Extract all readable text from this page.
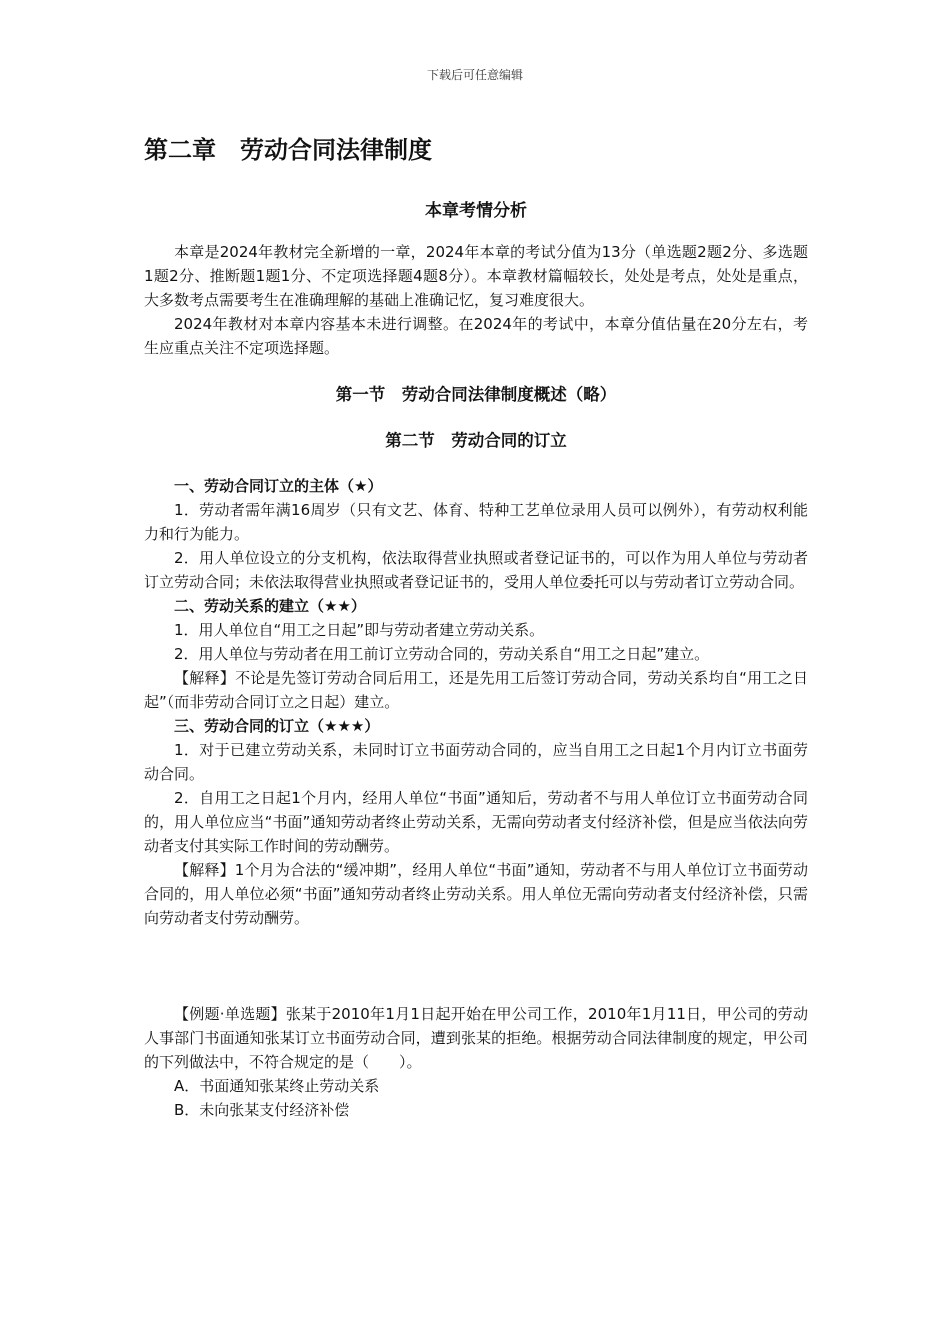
下载后可任意编辑
第二章　劳动合同法律制度
本章考情分析

本章是2024年教材完全新增的一章，2024年本章的考试分值为13分（单选题2题2分、多选题1题2分、推断题1题1分、不定项选择题4题8分）。本章教材篇幅较长，处处是考点，处处是重点，大多数考点需要考生在准确理解的基础上准确记忆，复习难度很大。

2024年教材对本章内容基本未进行调整。在2024年的考试中，本章分值估量在20分左右，考生应重点关注不定项选择题。

第一节　劳动合同法律制度概述（略）
第二节　劳动合同的订立

一、劳动合同订立的主体（★）

1．劳动者需年满16周岁（只有文艺、体育、特种工艺单位录用人员可以例外），有劳动权利能力和行为能力。

2．用人单位设立的分支机构，依法取得营业执照或者登记证书的，可以作为用人单位与劳动者订立劳动合同；未依法取得营业执照或者登记证书的，受用人单位委托可以与劳动者订立劳动合同。

二、劳动关系的建立（★★）

1．用人单位自“用工之日起”即与劳动者建立劳动关系。

2．用人单位与劳动者在用工前订立劳动合同的，劳动关系自“用工之日起”建立。

【解释】不论是先签订劳动合同后用工，还是先用工后签订劳动合同，劳动关系均自“用工之日起”（而非劳动合同订立之日起）建立。

三、劳动合同的订立（★★★）

1．对于已建立劳动关系，未同时订立书面劳动合同的，应当自用工之日起1个月内订立书面劳动合同。

2．自用工之日起1个月内，经用人单位“书面”通知后，劳动者不与用人单位订立书面劳动合同的，用人单位应当“书面”通知劳动者终止劳动关系，无需向劳动者支付经济补偿，但是应当依法向劳动者支付其实际工作时间的劳动酬劳。

【解释】1个月为合法的“缓冲期”，经用人单位“书面”通知，劳动者不与用人单位订立书面劳动合同的，用人单位必须“书面”通知劳动者终止劳动关系。用人单位无需向劳动者支付经济补偿，只需向劳动者支付劳动酬劳。

【例题·单选题】张某于2010年1月1日起开始在甲公司工作，2010年1月11日，甲公司的劳动人事部门书面通知张某订立书面劳动合同，遭到张某的拒绝。根据劳动合同法律制度的规定，甲公司的下列做法中，不符合规定的是（　　）。

A．书面通知张某终止劳动关系

B．未向张某支付经济补偿
